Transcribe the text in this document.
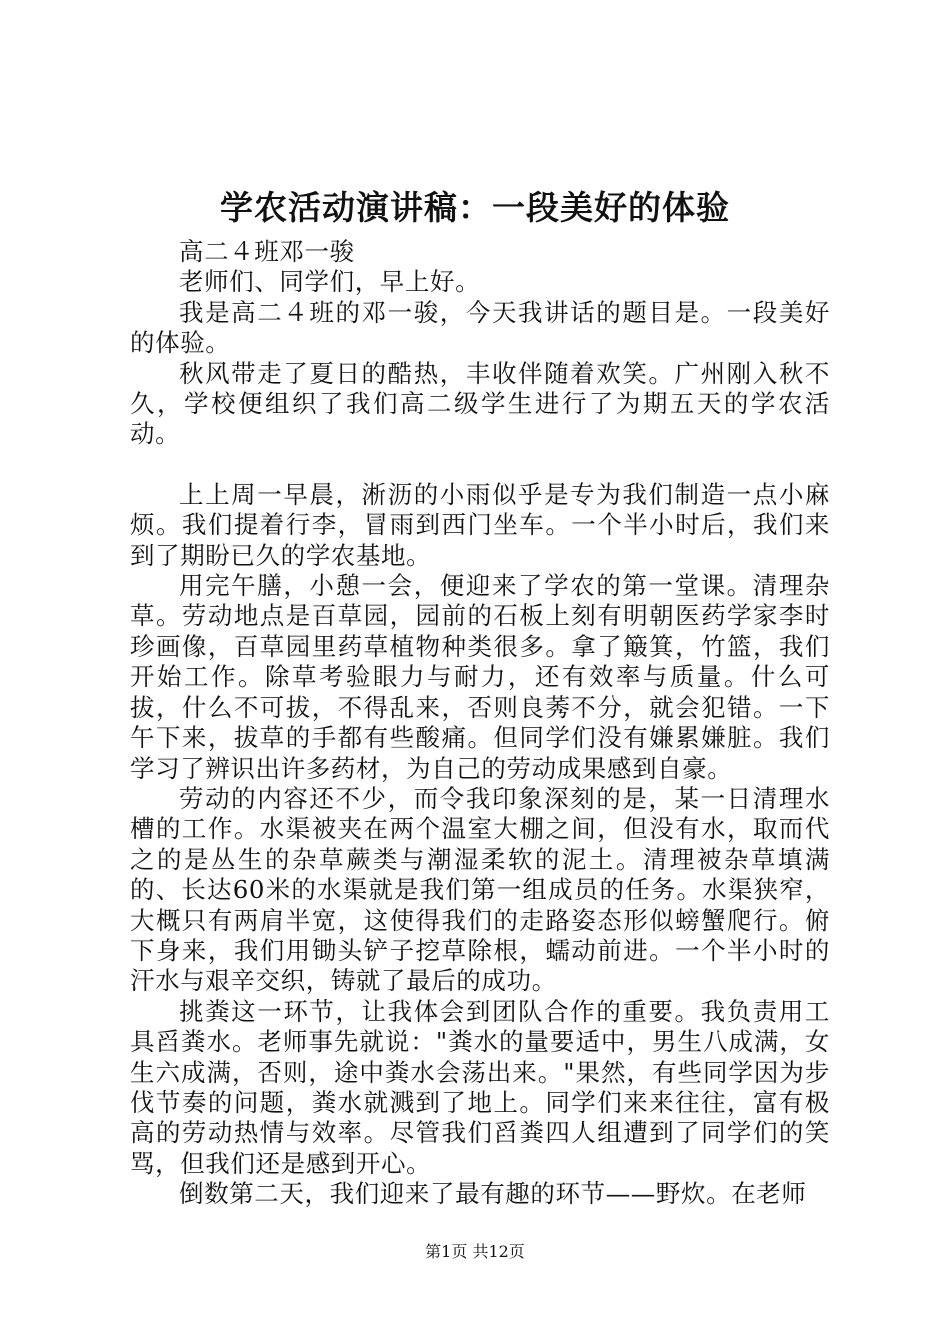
学农活动演讲稿：一段美好的体验

高二４班邓一骏

老师们、同学们，早上好。

我是高二４班的邓一骏，今天我讲话的题目是。一段美好的体验。

秋风带走了夏日的酷热，丰收伴随着欢笑。广州刚入秋不久，学校便组织了我们高二级学生进行了为期五天的学农活动。

上上周一早晨，淅沥的小雨似乎是专为我们制造一点小麻烦。我们提着行李，冒雨到西门坐车。一个半小时后，我们来到了期盼已久的学农基地。

用完午膳，小憩一会，便迎来了学农的第一堂课。清理杂草。劳动地点是百草园，园前的石板上刻有明朝医药学家李时珍画像，百草园里药草植物种类很多。拿了簸箕，竹篮，我们开始工作。除草考验眼力与耐力，还有效率与质量。什么可拔，什么不可拔，不得乱来，否则良莠不分，就会犯错。一下午下来，拔草的手都有些酸痛。但同学们没有嫌累嫌脏。我们学习了辨识出许多药材，为自己的劳动成果感到自豪。

劳动的内容还不少，而令我印象深刻的是，某一日清理水槽的工作。水渠被夹在两个温室大棚之间，但没有水，取而代之的是丛生的杂草蕨类与潮湿柔软的泥土。清理被杂草填满的、长达60米的水渠就是我们第一组成员的任务。水渠狭窄，大概只有两肩半宽，这使得我们的走路姿态形似螃蟹爬行。俯下身来，我们用锄头铲子挖草除根，蠕动前进。一个半小时的汗水与艰辛交织，铸就了最后的成功。

挑粪这一环节，让我体会到团队合作的重要。我负责用工具舀粪水。老师事先就说："粪水的量要适中，男生八成满，女生六成满，否则，途中粪水会荡出来。"果然，有些同学因为步伐节奏的问题，粪水就溅到了地上。同学们来来往往，富有极高的劳动热情与效率。尽管我们舀粪四人组遭到了同学们的笑骂，但我们还是感到开心。

倒数第二天，我们迎来了最有趣的环节——野炊。在老师

第1页 共12页
